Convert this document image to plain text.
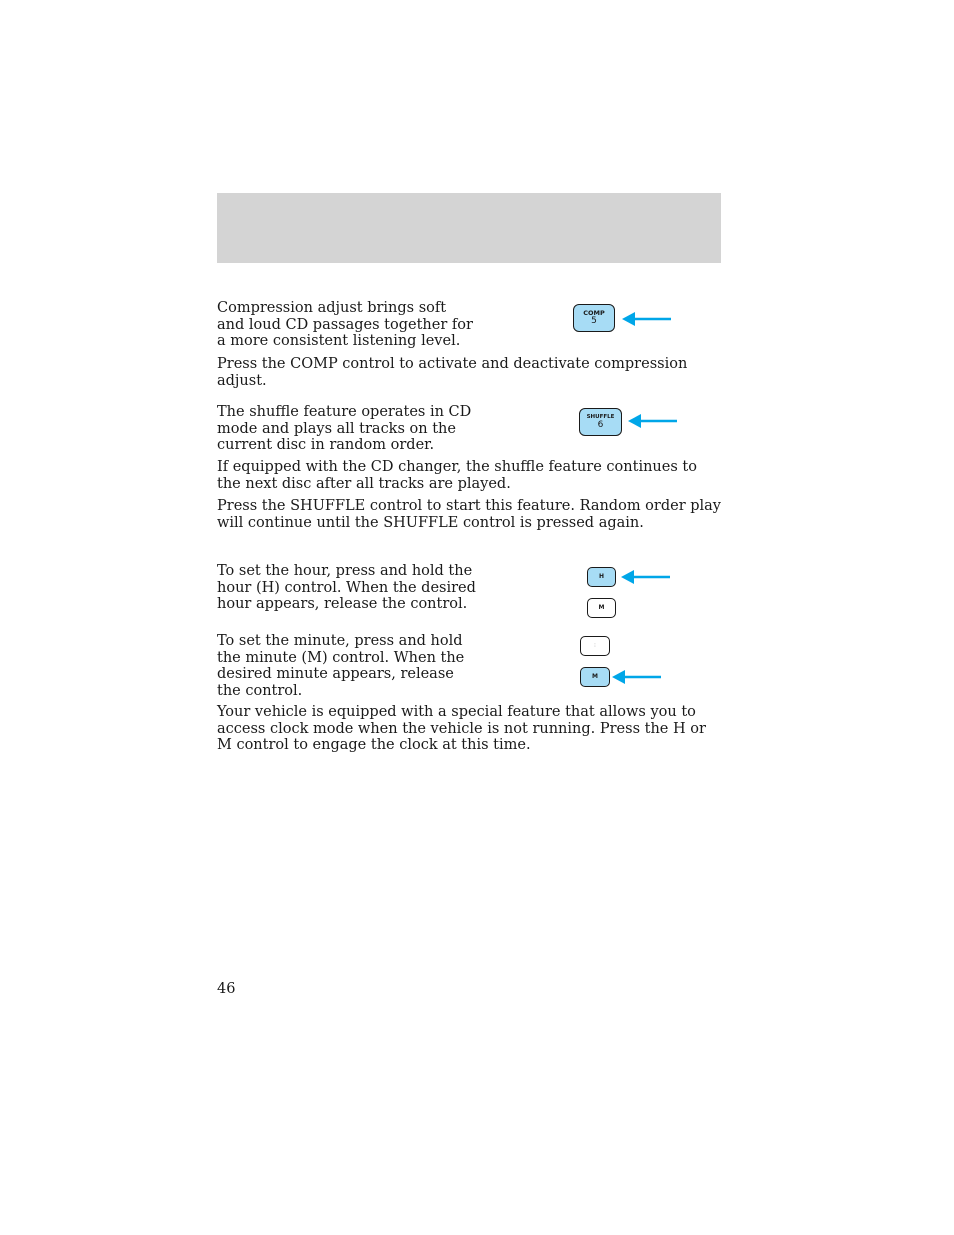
Compression adjust brings soft and loud CD passages together for a more consistent listening level.

COMP
5

Press the COMP control to activate and deactivate compression adjust.

The shuffle feature operates in CD mode and plays all tracks on the current disc in random order.

SHUFFLE
6

If equipped with the CD changer, the shuffle feature continues to the next disc after all tracks are played.

Press the SHUFFLE control to start this feature. Random order play will continue until the SHUFFLE control is pressed again.

To set the hour, press and hold the hour (H) control. When the desired hour appears, release the control.

H
M

To set the minute, press and hold the minute (M) control. When the desired minute appears, release the control.

⁝
M

Your vehicle is equipped with a special feature that allows you to access clock mode when the vehicle is not running. Press the H or M control to engage the clock at this time.

46
